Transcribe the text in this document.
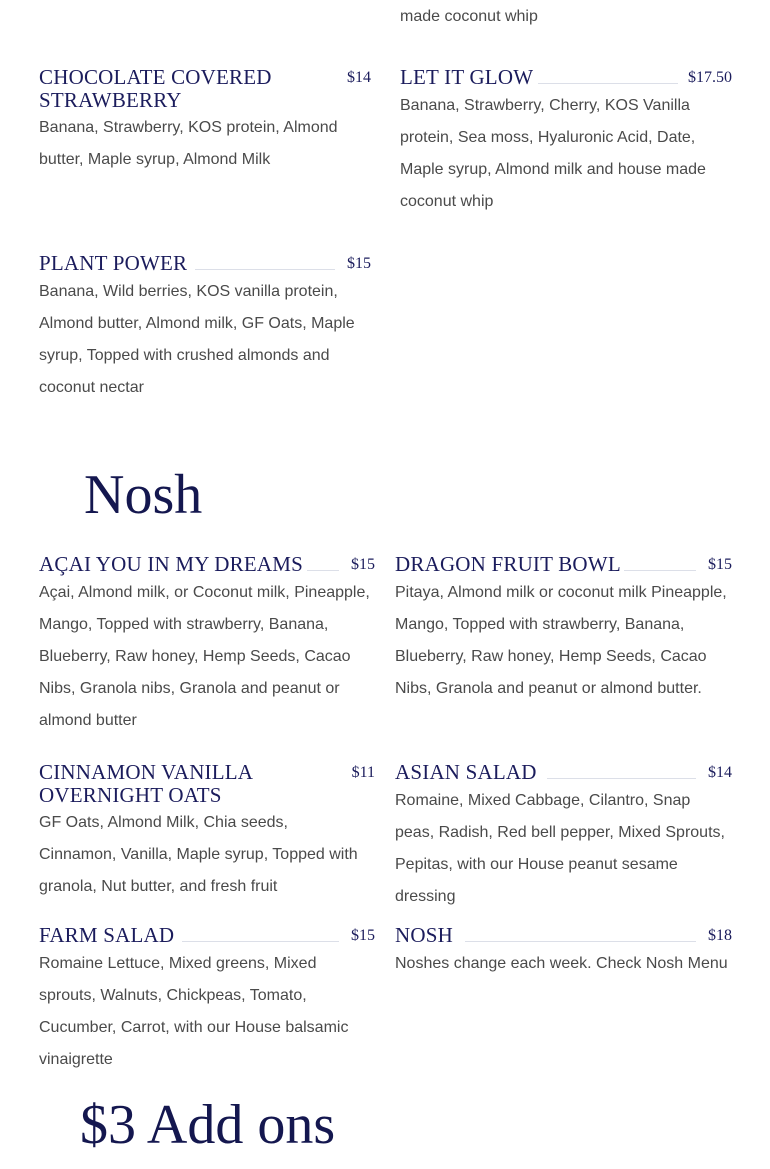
made coconut whip

CHOCOLATE COVERED STRAWBERRY

$14

Banana, Strawberry, KOS protein, Almond butter, Maple syrup, Almond Milk

LET IT GLOW	$17.50

Banana, Strawberry, Cherry, KOS Vanilla protein, Sea moss, Hyaluronic Acid, Date, Maple syrup, Almond milk and house made coconut whip

PLANT POWER	$15

Banana, Wild berries, KOS vanilla protein, Almond butter, Almond milk, GF Oats, Maple syrup, Topped with crushed almonds and coconut nectar

Nosh
AÇAI YOU IN MY DREAMS	$15

Açai, Almond milk, or Coconut milk, Pineapple, Mango, Topped with strawberry, Banana, Blueberry, Raw honey, Hemp Seeds, Cacao Nibs, Granola nibs, Granola and peanut or almond butter

DRAGON FRUIT BOWL	$15

Pitaya, Almond milk or coconut milk Pineapple, Mango, Topped with strawberry, Banana, Blueberry, Raw honey, Hemp Seeds, Cacao Nibs, Granola and peanut or almond butter.

CINNAMON VANILLA OVERNIGHT OATS

$11

GF Oats, Almond Milk, Chia seeds, Cinnamon, Vanilla, Maple syrup, Topped with granola, Nut butter, and fresh fruit

ASIAN SALAD	$14

Romaine, Mixed Cabbage, Cilantro, Snap peas, Radish, Red bell pepper, Mixed Sprouts, Pepitas, with our House peanut sesame dressing

FARM SALAD	$15

Romaine Lettuce, Mixed greens, Mixed sprouts, Walnuts, Chickpeas, Tomato, Cucumber, Carrot, with our House balsamic vinaigrette

NOSH	$18

Noshes change each week. Check Nosh Menu

$3 Add ons
